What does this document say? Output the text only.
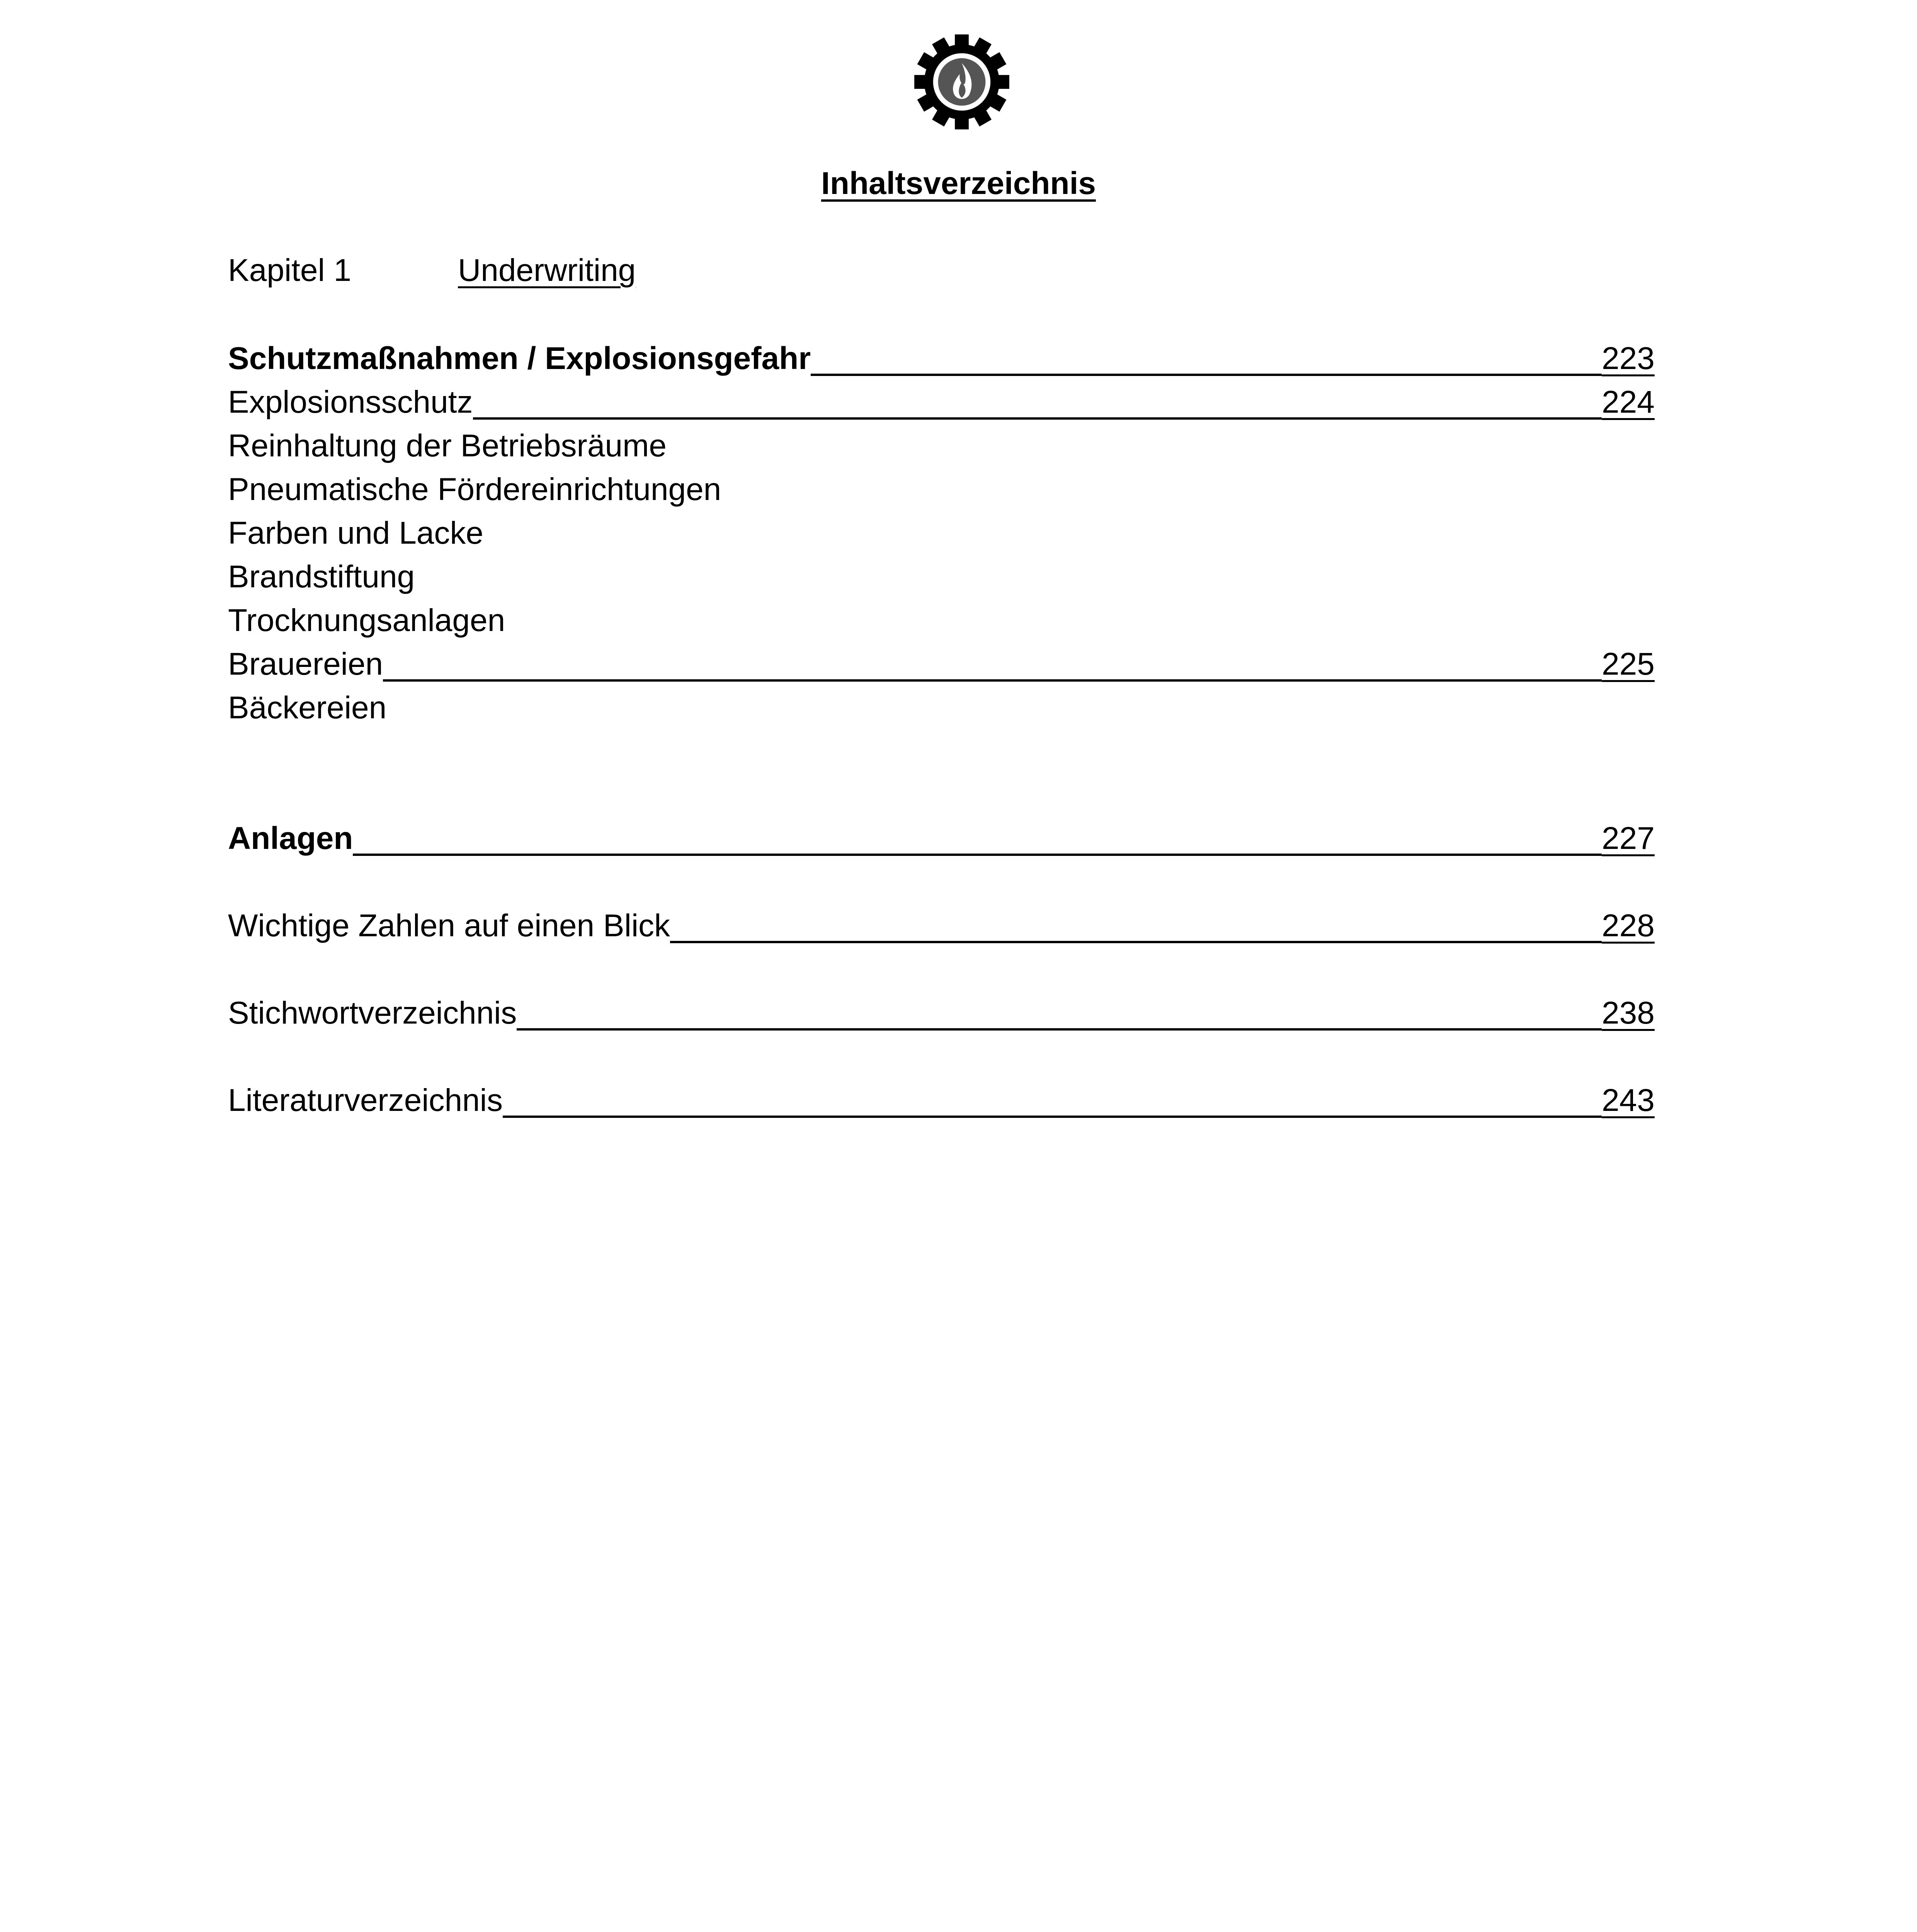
Inhaltsverzeichnis
Kapitel 1	Underwriting
Schutzmaßnahmen / Explosionsgefahr	223
Explosionsschutz	224
Reinhaltung der Betriebsräume
Pneumatische Fördereinrichtungen
Farben und Lacke
Brandstiftung
Trocknungsanlagen
Brauereien	225
Bäckereien
Anlagen	227
Wichtige Zahlen auf einen Blick	228
Stichwortverzeichnis	238
Literaturverzeichnis	243
